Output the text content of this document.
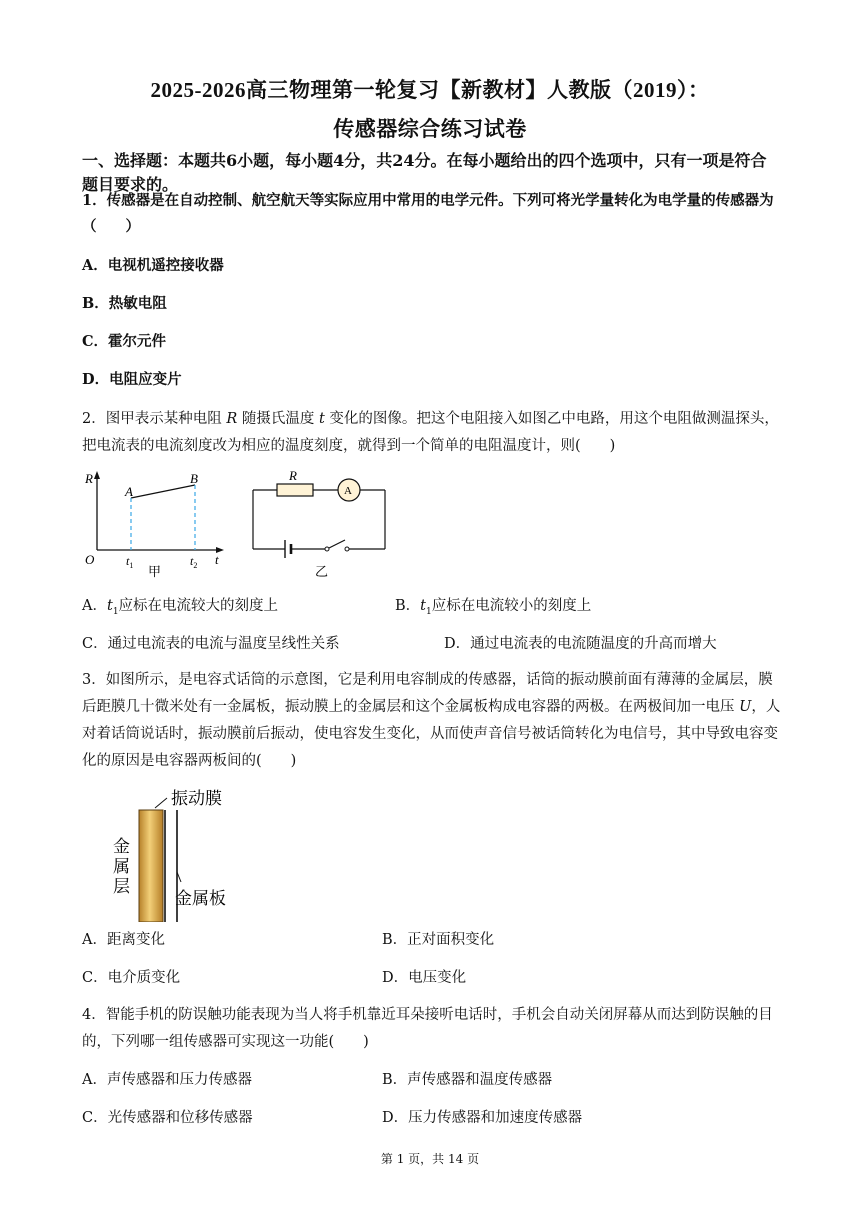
2025-2026高三物理第一轮复习【新教材】人教版（2019）：
传感器综合练习试卷
一、选择题：本题共6小题，每小题4分，共24分。在每小题给出的四个选项中，只有一项是符合题目要求的。
1．传感器是在自动控制、航空航天等实际应用中常用的电学元件。下列可将光学量转化为电学量的传感器为（　　）
A．电视机遥控接收器
B．热敏电阻
C．霍尔元件
D．电阻应变片
2．图甲表示某种电阻 R 随摄氏温度 t 变化的图像。把这个电阻接入如图乙中电路，用这个电阻做测温探头，把电流表的电流刻度改为相应的温度刻度，就得到一个简单的电阻温度计，则(　　)
R
A
B
O	$t_1$	$t_2$ t
甲
R
A
乙
A．$t_1$应标在电流较大的刻度上	B．$t_1$应标在电流较小的刻度上
C．通过电流表的电流与温度呈线性关系	D．通过电流表的电流随温度的升高而增大
3．如图所示，是电容式话筒的示意图，它是利用电容制成的传感器，话筒的振动膜前面有薄薄的金属层，膜后距膜几十微米处有一金属板，振动膜上的金属层和这个金属板构成电容器的两极。在两极间加一电压 U，人对着话筒说话时，振动膜前后振动，使电容发生变化，从而使声音信号被话筒转化为电信号，其中导致电容变化的原因是电容器两板间的(　　)
振动膜
金
属
层
金属板
A．距离变化	B．正对面积变化
C．电介质变化	D．电压变化
4．智能手机的防误触功能表现为当人将手机靠近耳朵接听电话时，手机会自动关闭屏幕从而达到防误触的目的，下列哪一组传感器可实现这一功能(　　)
A．声传感器和压力传感器	B．声传感器和温度传感器
C．光传感器和位移传感器	D．压力传感器和加速度传感器
第 1 页，共 14 页
